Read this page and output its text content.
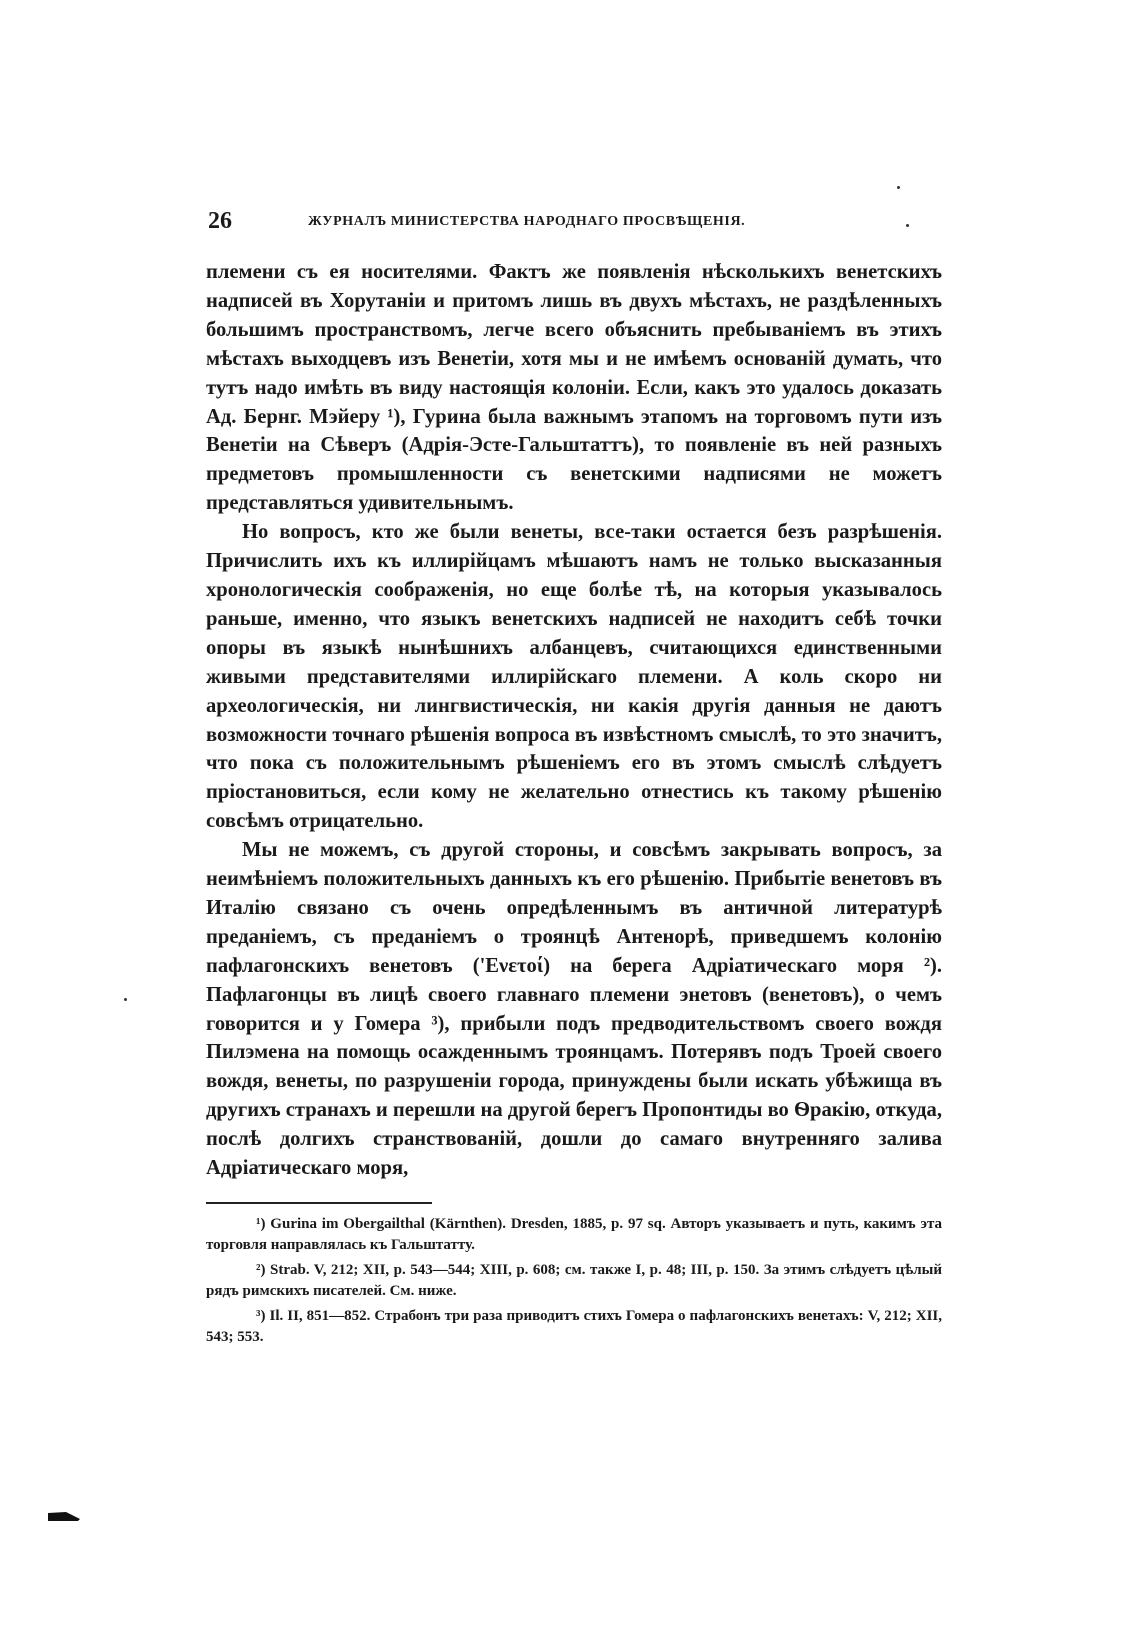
26	ЖУРНАЛЪ МИНИСТЕРСТВА НАРОДНАГО ПРОСВѢЩЕНІЯ.

племени съ ея носителями. Фактъ же появленія нѣсколькихъ венетскихъ надписей въ Хорутаніи и притомъ лишь въ двухъ мѣстахъ, не раздѣленныхъ большимъ пространствомъ, легче всего объяснить пребываніемъ въ этихъ мѣстахъ выходцевъ изъ Венетіи, хотя мы и не имѣемъ основаній думать, что тутъ надо имѣть въ виду настоящія колоніи. Если, какъ это удалось доказать Ад. Бернг. Мэйеру ¹), Гурина была важнымъ этапомъ на торговомъ пути изъ Венетіи на Сѣверъ (Адрія-Эсте-Гальштаттъ), то появленіе въ ней разныхъ предметовъ промышленности съ венетскими надписями не можетъ представляться удивительнымъ.

Но вопросъ, кто же были венеты, все-таки остается безъ разрѣшенія. Причислить ихъ къ иллирійцамъ мѣшаютъ намъ не только высказанныя хронологическія соображенія, но еще болѣе тѣ, на которыя указывалось раньше, именно, что языкъ венетскихъ надписей не находитъ себѣ точки опоры въ языкѣ нынѣшнихъ албанцевъ, считающихся единственными живыми представителями иллирійскаго племени. А коль скоро ни археологическія, ни лингвистическія, ни какія другія данныя не даютъ возможности точнаго рѣшенія вопроса въ извѣстномъ смыслѣ, то это значитъ, что пока съ положительнымъ рѣшеніемъ его въ этомъ смыслѣ слѣдуетъ пріостановиться, если кому не желательно отнестись къ такому рѣшенію совсѣмъ отрицательно.

Мы не можемъ, съ другой стороны, и совсѣмъ закрывать вопросъ, за неимѣніемъ положительныхъ данныхъ къ его рѣшенію. Прибытіе венетовъ въ Италію связано съ очень опредѣленнымъ въ античной литературѣ преданіемъ, съ преданіемъ о троянцѣ Антенорѣ, приведшемъ колонію пафлагонскихъ венетовъ ('Ενετοί) на берега Адріатическаго моря ²). Пафлагонцы въ лицѣ своего главнаго племени энетовъ (венетовъ), о чемъ говорится и у Гомера ³), прибыли подъ предводительствомъ своего вождя Пилэмена на помощь осажденнымъ троянцамъ. Потерявъ подъ Троей своего вождя, венеты, по разрушеніи города, принуждены были искать убѣжища въ другихъ странахъ и перешли на другой берегъ Пропонтиды во Ѳракію, откуда, послѣ долгихъ странствованій, дошли до самаго внутренняго залива Адріатическаго моря,

¹) Gurina im Obergailthal (Kärnthen). Dresden, 1885, p. 97 sq. Авторъ указываетъ и путь, какимъ эта торговля направлялась къ Гальштатту.

²) Strab. V, 212; XII, p. 543—544; XIII, p. 608; см. также I, p. 48; III, p. 150. За этимъ слѣдуетъ цѣлый рядъ римскихъ писателей. См. ниже.

³) Il. II, 851—852. Страбонъ три раза приводитъ стихъ Гомера о пафлагонскихъ венетахъ: V, 212; XII, 543; 553.
